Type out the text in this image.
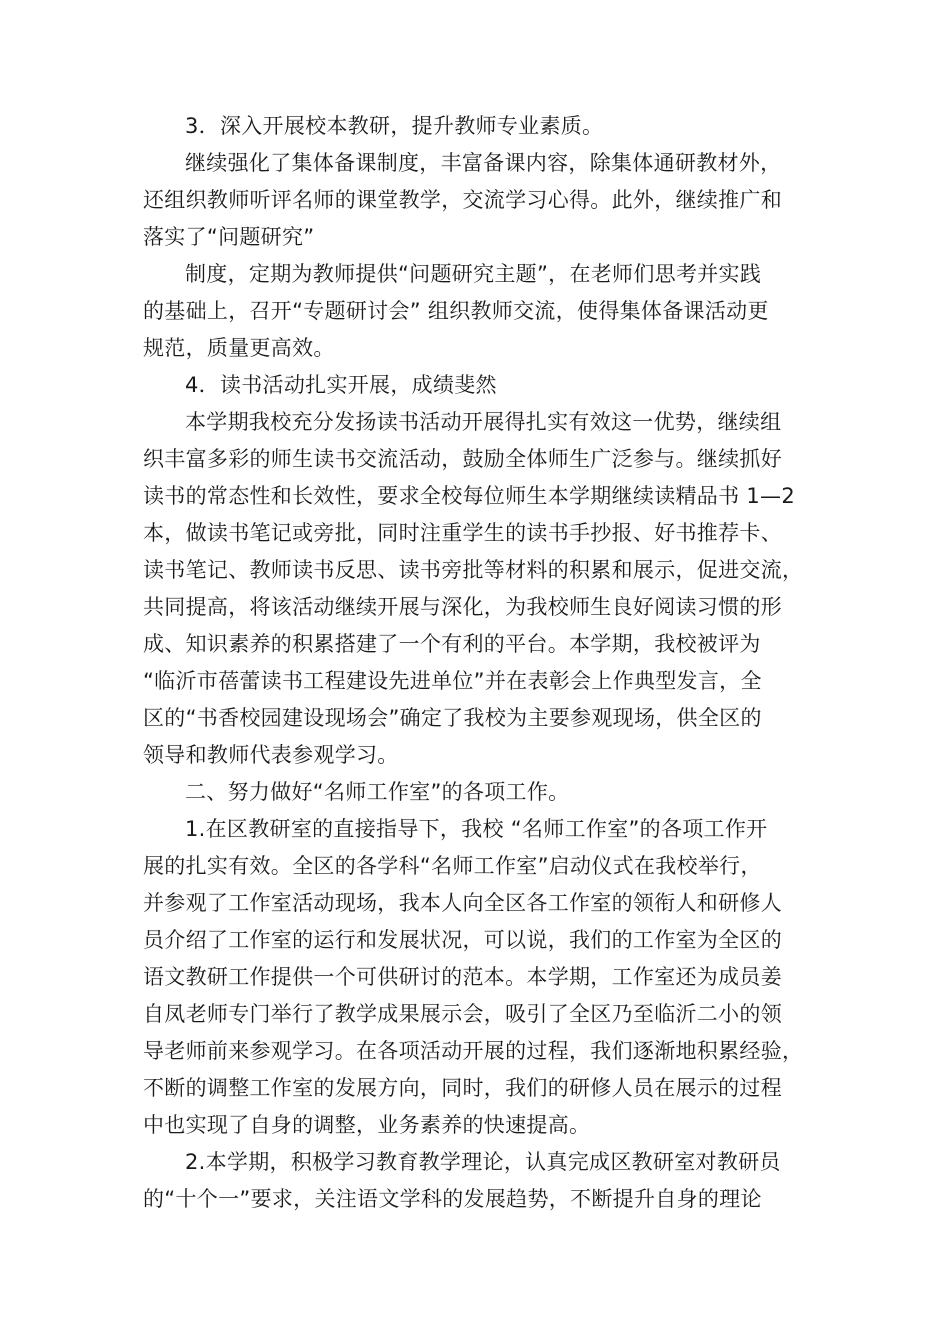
3．深入开展校本教研，提升教师专业素质。
继续强化了集体备课制度，丰富备课内容，除集体通研教材外，
还组织教师听评名师的课堂教学，交流学习心得。此外，继续推广和
落实了“问题研究”
制度，定期为教师提供“问题研究主题”，在老师们思考并实践
的基础上，召开“专题研讨会” 组织教师交流，使得集体备课活动更
规范，质量更高效。
4．读书活动扎实开展，成绩斐然
本学期我校充分发扬读书活动开展得扎实有效这一优势，继续组
织丰富多彩的师生读书交流活动，鼓励全体师生广泛参与。继续抓好
读书的常态性和长效性，要求全校每位师生本学期继续读精品书 1—2
本，做读书笔记或旁批，同时注重学生的读书手抄报、好书推荐卡、
读书笔记、教师读书反思、读书旁批等材料的积累和展示，促进交流，
共同提高，将该活动继续开展与深化，为我校师生良好阅读习惯的形
成、知识素养的积累搭建了一个有利的平台。本学期，我校被评为
“临沂市蓓蕾读书工程建设先进单位”并在表彰会上作典型发言，全
区的“书香校园建设现场会”确定了我校为主要参观现场，供全区的
领导和教师代表参观学习。
二、努力做好“名师工作室”的各项工作。
1.在区教研室的直接指导下，我校 “名师工作室”的各项工作开
展的扎实有效。全区的各学科“名师工作室”启动仪式在我校举行，
并参观了工作室活动现场，我本人向全区各工作室的领衔人和研修人
员介绍了工作室的运行和发展状况，可以说，我们的工作室为全区的
语文教研工作提供一个可供研讨的范本。本学期，工作室还为成员姜
自凤老师专门举行了教学成果展示会，吸引了全区乃至临沂二小的领
导老师前来参观学习。在各项活动开展的过程，我们逐渐地积累经验，
不断的调整工作室的发展方向，同时，我们的研修人员在展示的过程
中也实现了自身的调整，业务素养的快速提高。
2.本学期，积极学习教育教学理论，认真完成区教研室对教研员
的“十个一”要求，关注语文学科的发展趋势，不断提升自身的理论
